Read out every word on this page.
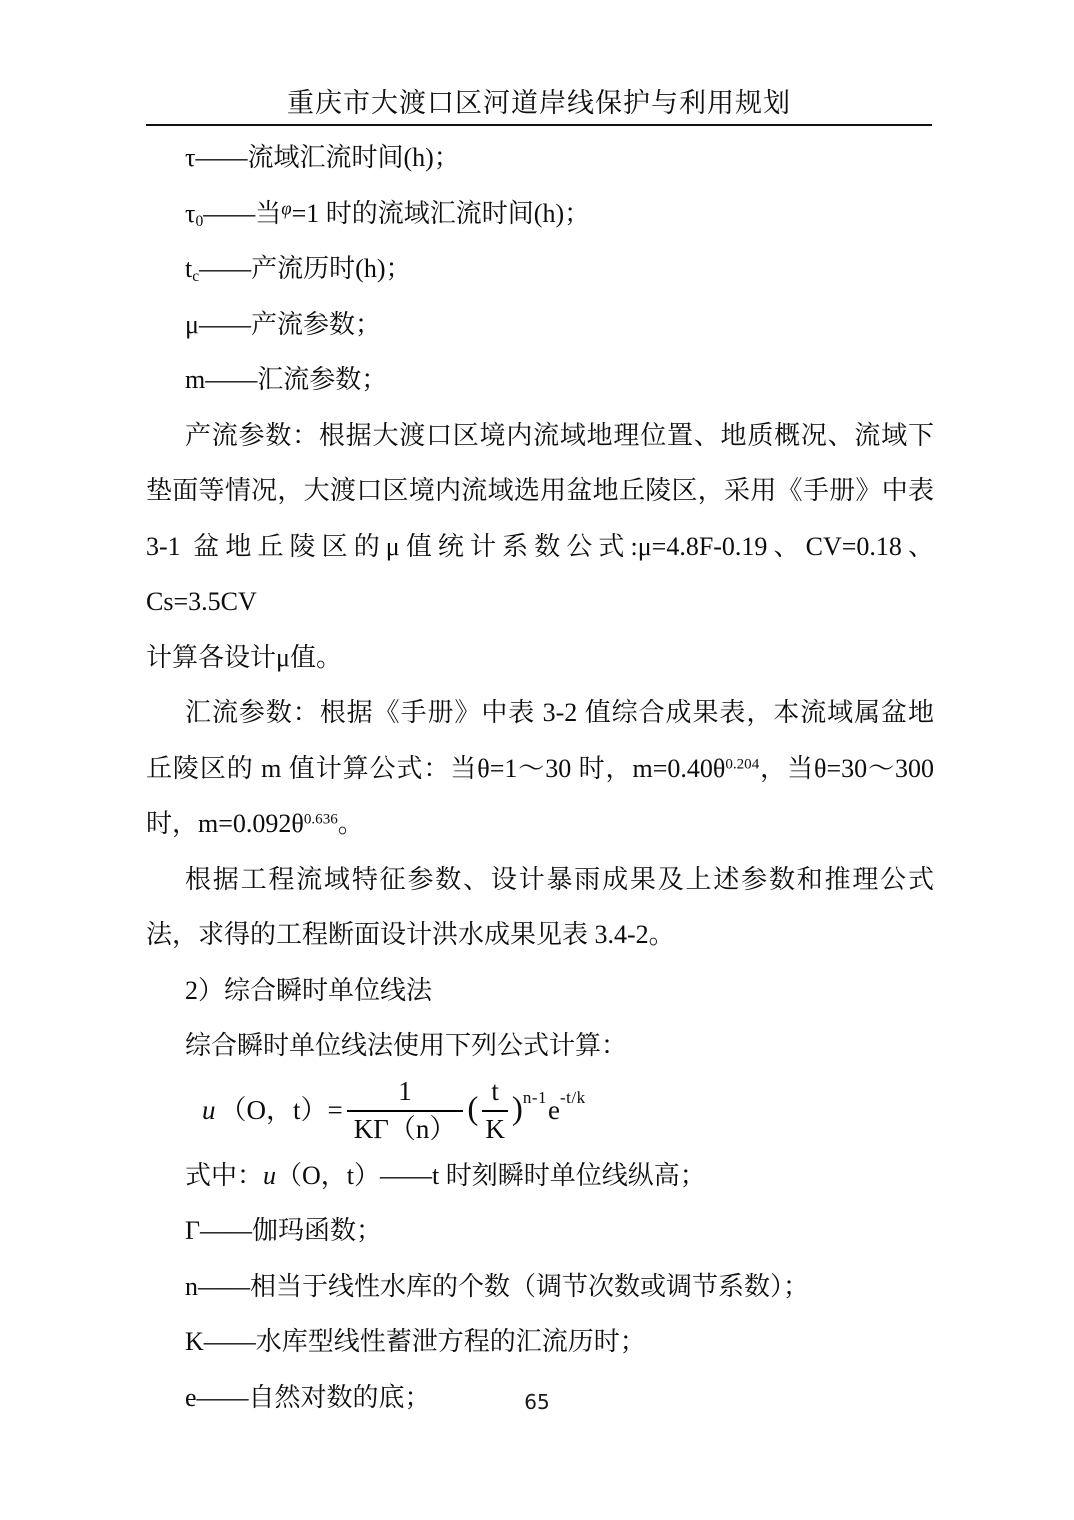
重庆市大渡口区河道岸线保护与利用规划

τ——流域汇流时间(h)；

$\tau_0——$当$^\varphi$=1 时的流域汇流时间(h)；

$t_c——$产流历时(h)；

μ——产流参数；

m——汇流参数；

产流参数：根据大渡口区境内流域地理位置、地质概况、流域下

垫面等情况，大渡口区境内流域选用盆地丘陵区，采用《手册》中表

3-1 盆地丘陵区的μ值统计系数公式:μ=4.8F-0.19、CV=0.18、Cs=3.5CV

计算各设计μ值。

汇流参数：根据《手册》中表 3-2 值综合成果表，本流域属盆地

丘陵区的 m 值计算公式：当θ=1～30 时，$m=0.40\theta^{0.204}$，当θ=30～300

时，$m=0.092\theta^{0.636}$。

根据工程流域特征参数、设计暴雨成果及上述参数和推理公式

法，求得的工程断面设计洪水成果见表 3.4-2。

2）综合瞬时单位线法

综合瞬时单位线法使用下列公式计算：

u （O，$t)= \frac{1}{K\Gamma(n)}$ ( $\frac{t}{K}$ ) n-1 e -t/k

式中：u（O，t）——t 时刻瞬时单位线纵高；

Γ——伽玛函数；

n——相当于线性水库的个数（调节次数或调节系数）；

K——水库型线性蓄泄方程的汇流历时；

e——自然对数的底；	65
